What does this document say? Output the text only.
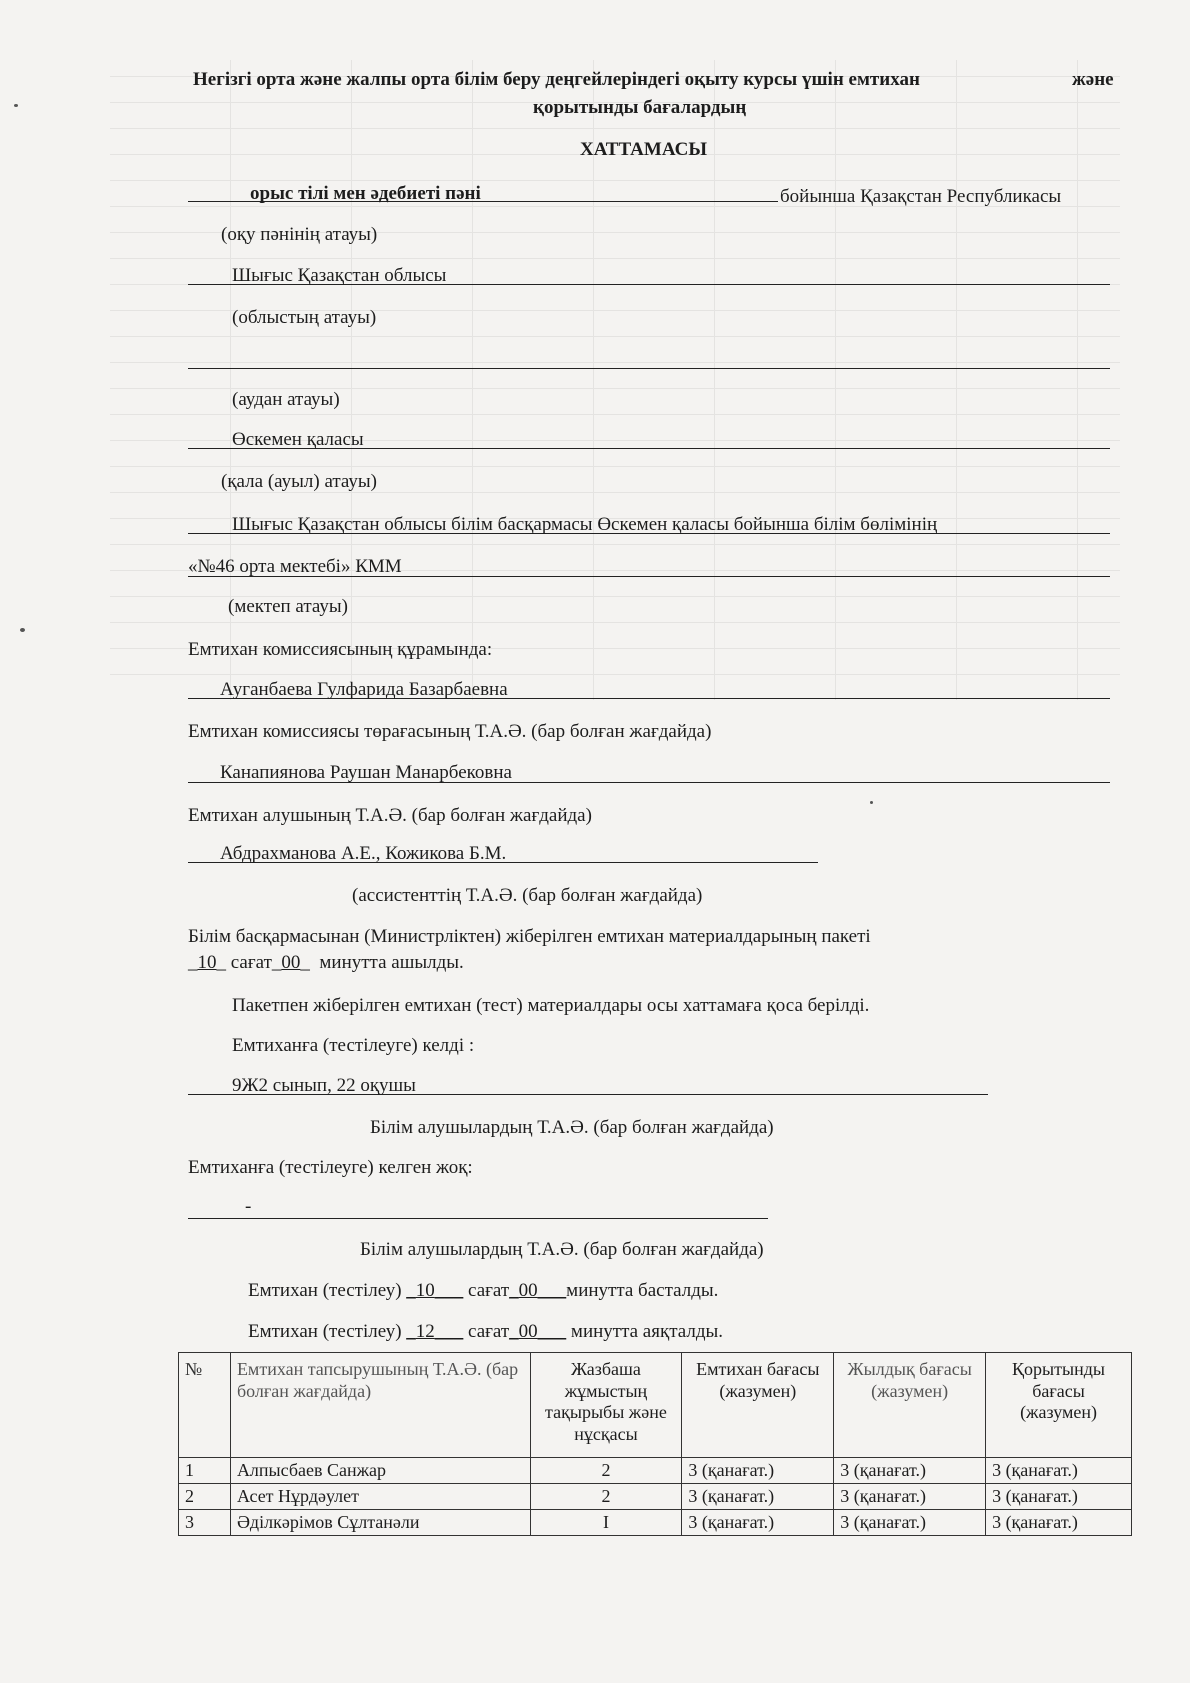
Негізгі орта және жалпы орта білім беру деңгейлеріндегі оқыту курсы үшін емтихан	және
қорытынды бағалардың
ХАТТАМАСЫ
орыс тілі мен әдебиеті пәні	бойынша Қазақстан Республикасы
(оқу пәнінің атауы)
Шығыс Қазақстан облысы
(облыстың атауы)
(аудан атауы)
Өскемен қаласы
(қала (ауыл) атауы)
Шығыс Қазақстан облысы білім басқармасы Өскемен қаласы бойынша білім бөлімінің
«№46 орта мектебі» КММ
(мектеп атауы)
Емтихан комиссиясының құрамында:
Ауганбаева Гулфарида Базарбаевна
Емтихан комиссиясы төрағасының Т.А.Ә. (бар болған жағдайда)
Канапиянова Раушан Манарбековна
Емтихан алушының Т.А.Ә. (бар болған жағдайда)
Абдрахманова А.Е., Кожикова Б.М.
(ассистенттің Т.А.Ә. (бар болған жағдайда)
Білім басқармасынан (Министрліктен) жіберілген емтихан материалдарының пакеті
_10_ сағат_00_  минутта ашылды.
Пакетпен жіберілген емтихан (тест) материалдары осы хаттамаға қоса берілді.
Емтиханға (тестілеуге) келді :
9Ж2 сынып, 22 оқушы
Білім алушылардың Т.А.Ә. (бар болған жағдайда)
Емтиханға (тестілеуге) келген жоқ:
-
Білім алушылардың Т.А.Ә. (бар болған жағдайда)
Емтихан (тестілеу) _10___ сағат_00___минутта басталды.
Емтихан (тестілеу) _12___ сағат_00___ минутта аяқталды.
№	Емтихан тапсырушының Т.А.Ә. (бар болған жағдайда)	Жазбаша жұмыстың тақырыбы және нұсқасы	Емтихан бағасы (жазумен)	Жылдық бағасы (жазумен)	Қорытынды бағасы (жазумен)
1	Алпысбаев Санжар	2	3 (қанағат.)	3 (қанағат.)	3 (қанағат.)
2	Асет Нұрдәулет	2	3 (қанағат.)	3 (қанағат.)	3 (қанағат.)
3	Әділкәрімов Сұлтанәли	I	3 (қанағат.)	3 (қанағат.)	3 (қанағат.)
